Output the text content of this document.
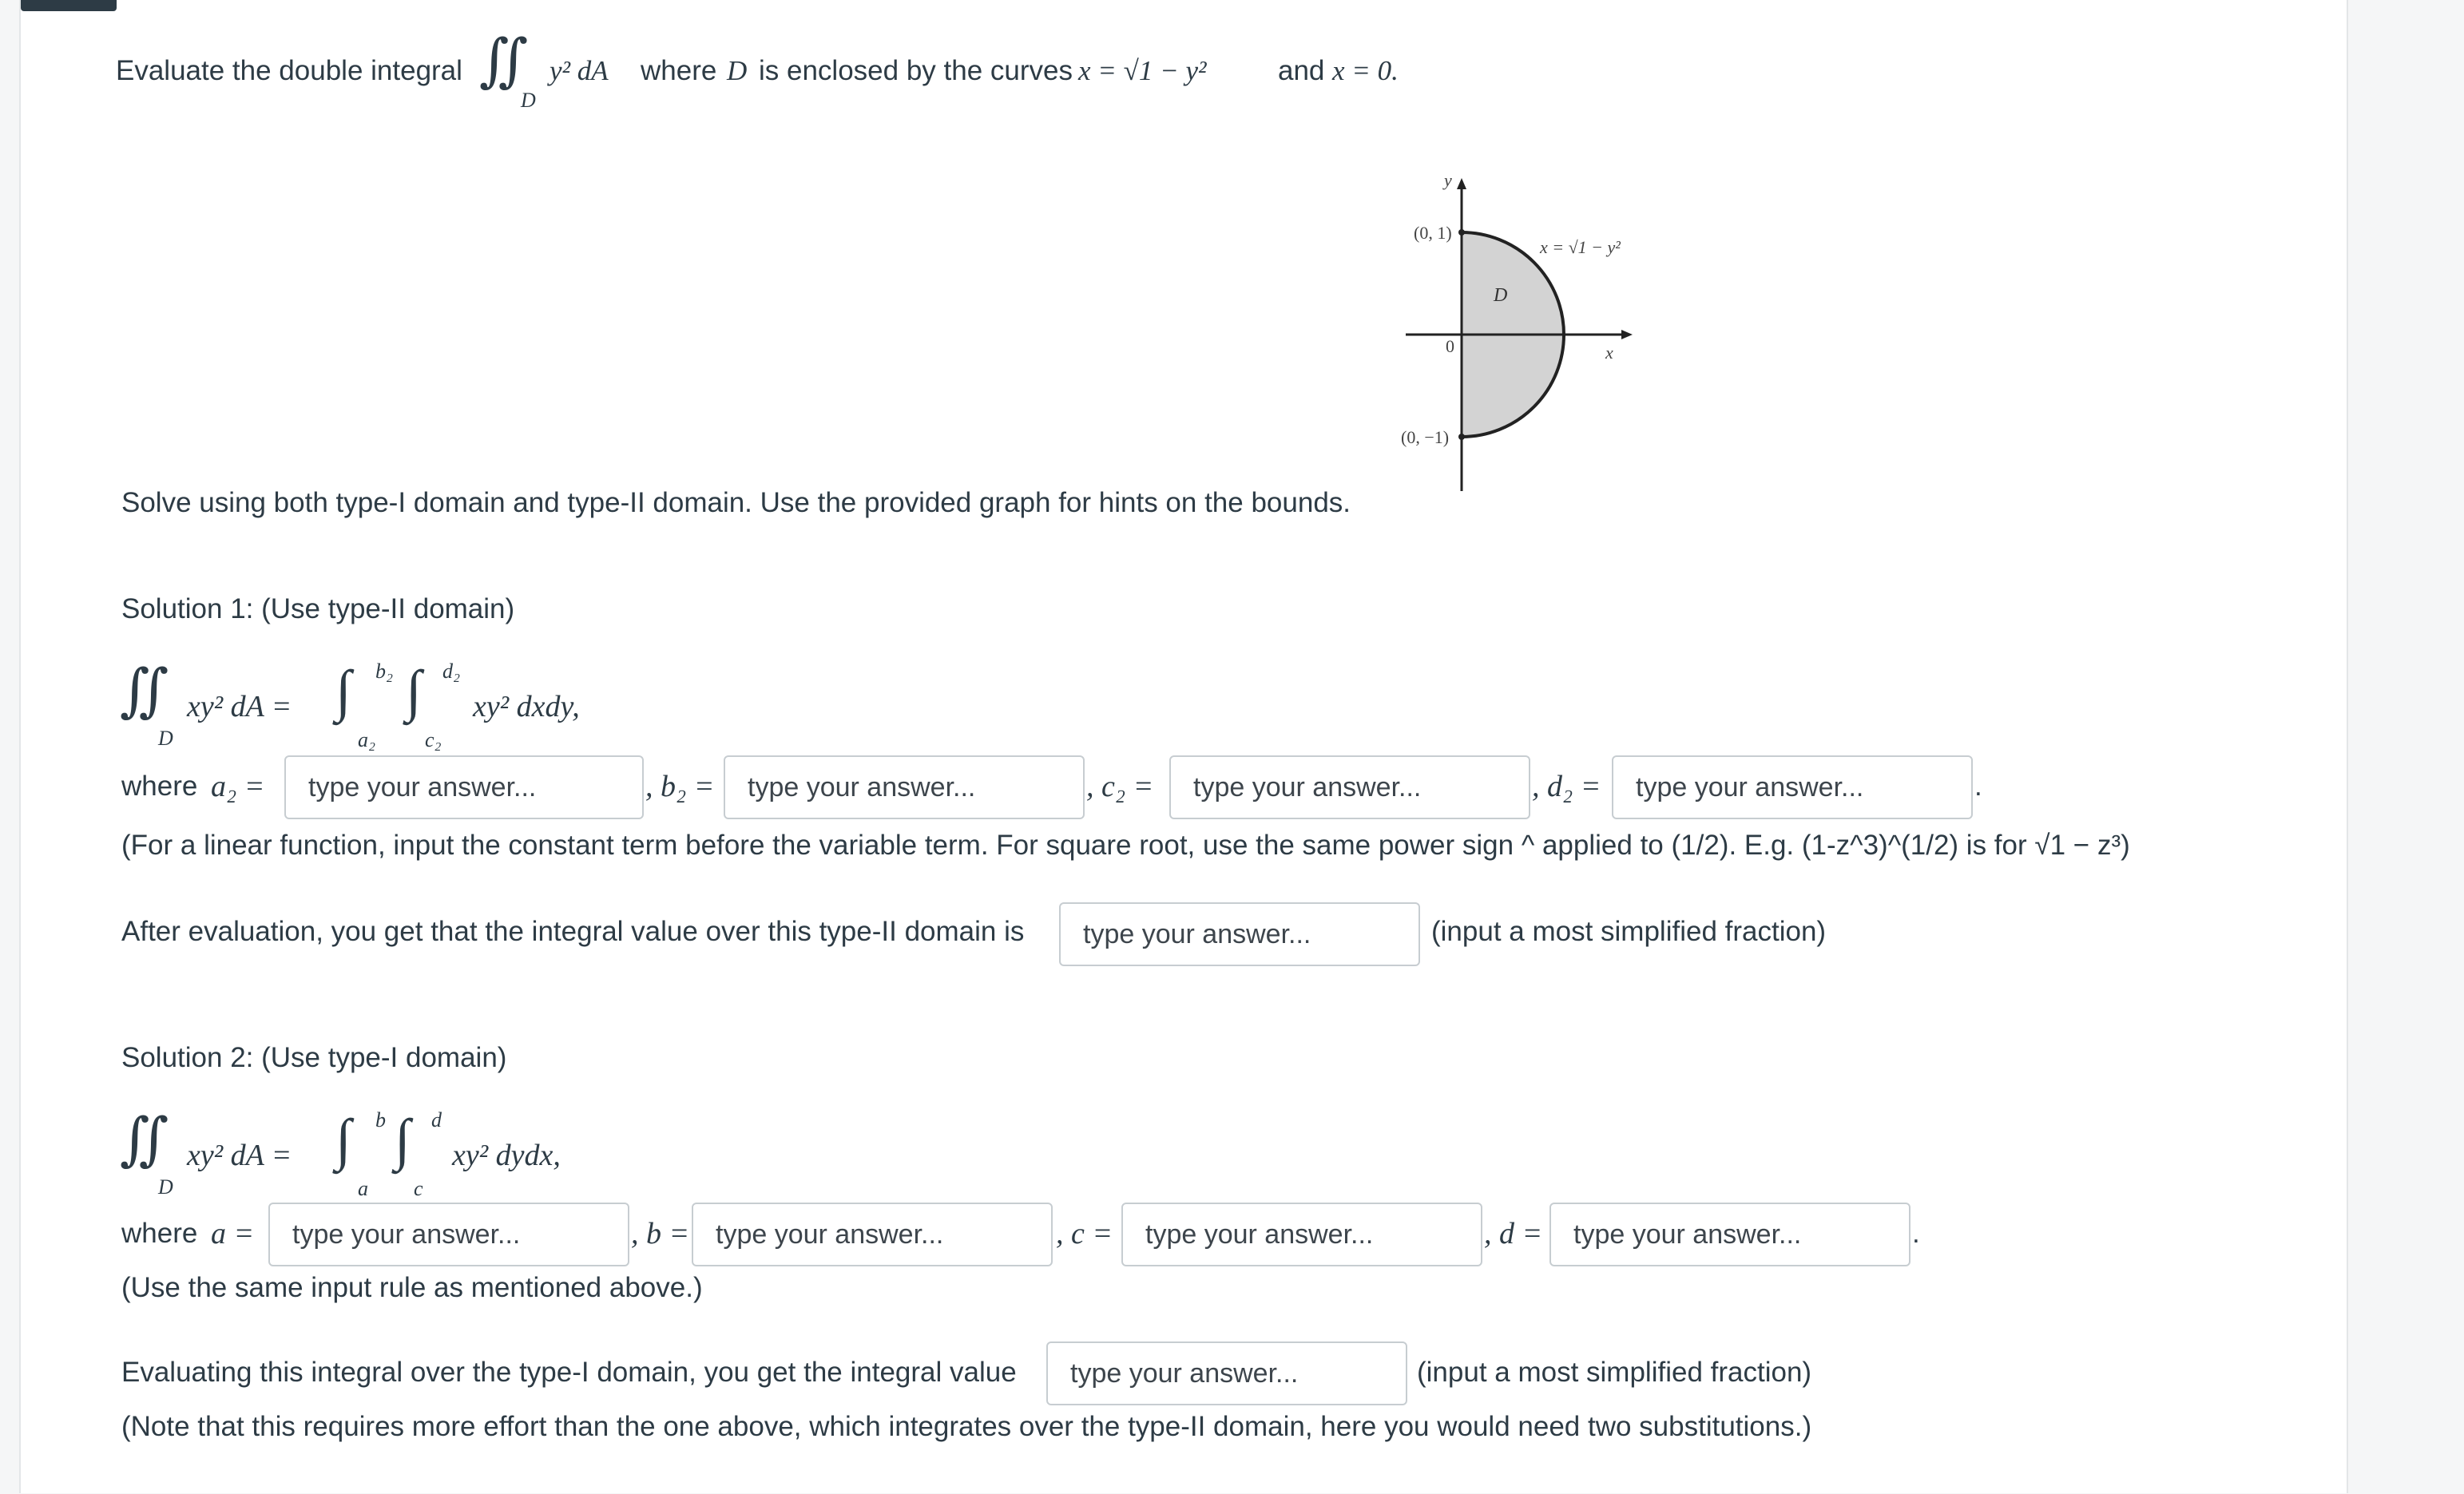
Evaluate the double integral ∬
D
y² dA where D is enclosed by the curves x = √1 − y²	and x = 0.
y
x
0
(0, 1)
(0, −1)
D
x = √1 − y²
Solve using both type-I domain and type-II domain. Use the provided graph for hints on the bounds.
Solution 1: (Use type-II domain)
∬
D
xy² dA = ∫ b₂
a₂
∫ d₂
c₂
xy² dxdy,
where a₂ =
type your answer...	, b₂ =
type your answer...	, c₂ =
type your answer...	, d₂ =
type your answer...	.
(For a linear function, input the constant term before the variable term. For square root, use the same power sign ^ applied to (1/2). E.g. (1-z^3)^(1/2) is for √1 − z³)
After evaluation, you get that the integral value over this type-II domain is
type your answer...	(input a most simplified fraction)
Solution 2: (Use type-I domain)
∬
D
xy² dA = ∫ b
a
∫ d
c
xy² dydx,
where a =
type your answer...	, b =
type your answer...	, c =
type your answer...	, d =
type your answer...	.
(Use the same input rule as mentioned above.)
Evaluating this integral over the type-I domain, you get the integral value
type your answer...	(input a most simplified fraction)
(Note that this requires more effort than the one above, which integrates over the type-II domain, here you would need two substitutions.)
